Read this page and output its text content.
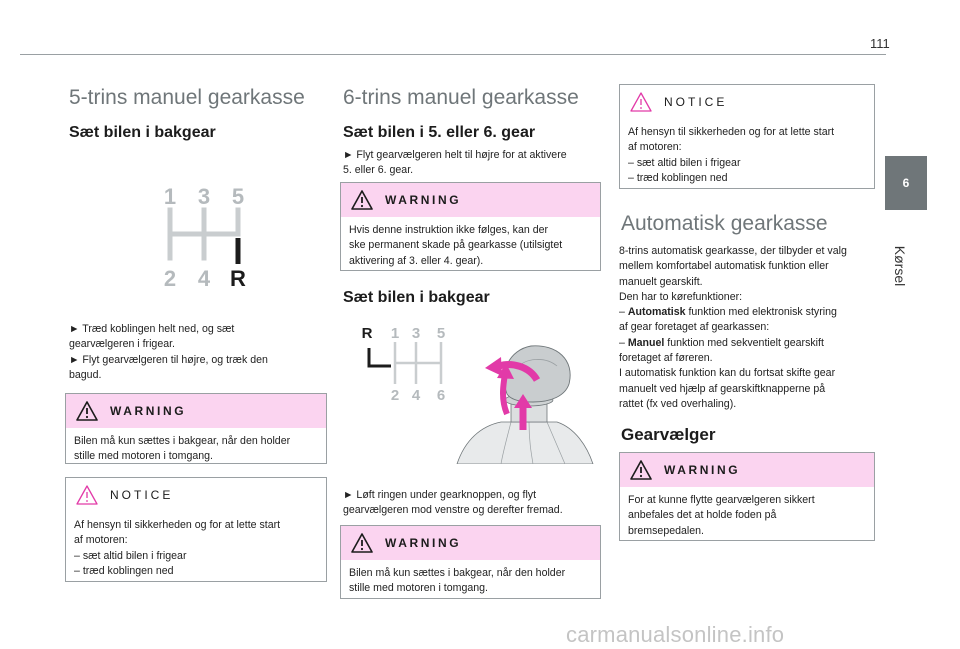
111
6
Kørsel
5-trins manuel gearkasse
Sæt bilen i bakgear
1 3 5
2 4 R
► Træd koblingen helt ned, og sæt
gearvælgeren i frigear.
► Flyt gearvælgeren til højre, og træk den
bagud.
WARNING
Bilen må kun sættes i bakgear, når den holder
stille med motoren i tomgang.
NOTICE
Af hensyn til sikkerheden og for at lette start
af motoren:
– sæt altid bilen i frigear
– træd koblingen ned
6-trins manuel gearkasse
Sæt bilen i 5. eller 6. gear
► Flyt gearvælgeren helt til højre for at aktivere
5. eller 6. gear.
WARNING
Hvis denne instruktion ikke følges, kan der
ske permanent skade på gearkasse (utilsigtet
aktivering af 3. eller 4. gear).
Sæt bilen i bakgear
R 1 3 5
2 4 6
► Løft ringen under gearknoppen, og flyt
gearvælgeren mod venstre og derefter fremad.
WARNING
Bilen må kun sættes i bakgear, når den holder
stille med motoren i tomgang.
NOTICE
Af hensyn til sikkerheden og for at lette start
af motoren:
– sæt altid bilen i frigear
– træd koblingen ned
Automatisk gearkasse
8-trins automatisk gearkasse, der tilbyder et valg
mellem komfortabel automatisk funktion eller
manuelt gearskift.
Den har to kørefunktioner:
– Automatisk funktion med elektronisk styring
af gear foretaget af gearkassen:
– Manuel funktion med sekventielt gearskift
foretaget af føreren.
I automatisk funktion kan du fortsat skifte gear
manuelt ved hjælp af gearskiftknapperne på
rattet (fx ved overhaling).
Gearvælger
WARNING
For at kunne flytte gearvælgeren sikkert
anbefales det at holde foden på
bremsepedalen.
carmanualsonline.info
